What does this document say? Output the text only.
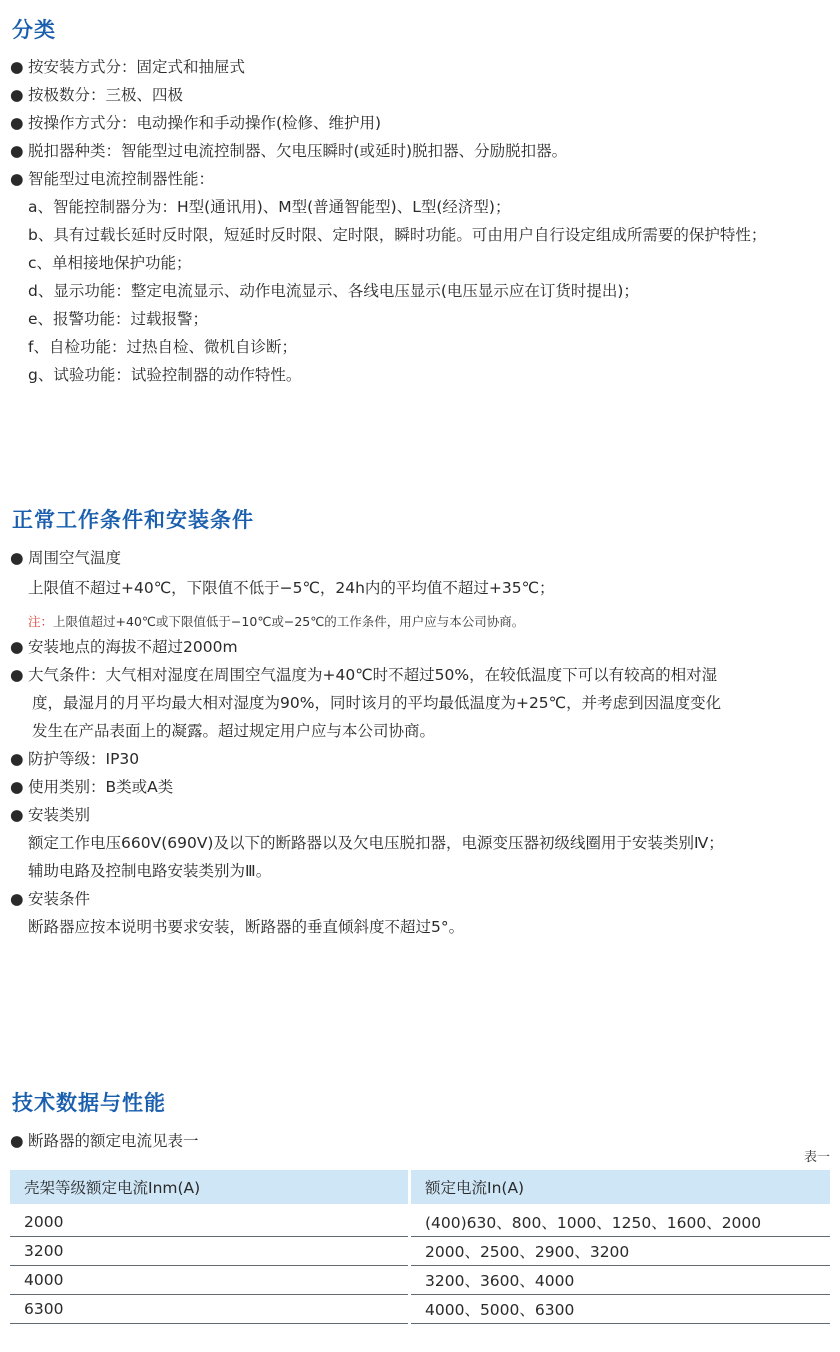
分类
● 按安装方式分：固定式和抽屉式
● 按极数分：三极、四极
● 按操作方式分：电动操作和手动操作(检修、维护用)
● 脱扣器种类：智能型过电流控制器、欠电压瞬时(或延时)脱扣器、分励脱扣器。
● 智能型过电流控制器性能：
a、智能控制器分为：H型(通讯用)、M型(普通智能型)、L型(经济型)；
b、具有过载长延时反时限，短延时反时限、定时限，瞬时功能。可由用户自行设定组成所需要的保护特性；
c、单相接地保护功能；
d、显示功能：整定电流显示、动作电流显示、各线电压显示(电压显示应在订货时提出)；
e、报警功能：过载报警；
f、自检功能：过热自检、微机自诊断；
g、试验功能：试验控制器的动作特性。
正常工作条件和安装条件
● 周围空气温度
上限值不超过+40℃，下限值不低于−5℃，24h内的平均值不超过+35℃；
注：上限值超过+40℃或下限值低于−10℃或−25℃的工作条件，用户应与本公司协商。
● 安装地点的海拔不超过2000m
● 大气条件：大气相对湿度在周围空气温度为+40℃时不超过50%，在较低温度下可以有较高的相对湿
度，最湿月的月平均最大相对湿度为90%，同时该月的平均最低温度为+25℃，并考虑到因温度变化
发生在产品表面上的凝露。超过规定用户应与本公司协商。
● 防护等级：IP30
● 使用类别：B类或A类
● 安装类别
额定工作电压660V(690V)及以下的断路器以及欠电压脱扣器，电源变压器初级线圈用于安装类别Ⅳ；
辅助电路及控制电路安装类别为Ⅲ。
● 安装条件
断路器应按本说明书要求安装，断路器的垂直倾斜度不超过5°。
技术数据与性能
● 断路器的额定电流见表一
表一
壳架等级额定电流Inm(A)	额定电流In(A)
2000	(400)630、800、1000、1250、1600、2000
3200	2000、2500、2900、3200
4000	3200、3600、4000
6300	4000、5000、6300
